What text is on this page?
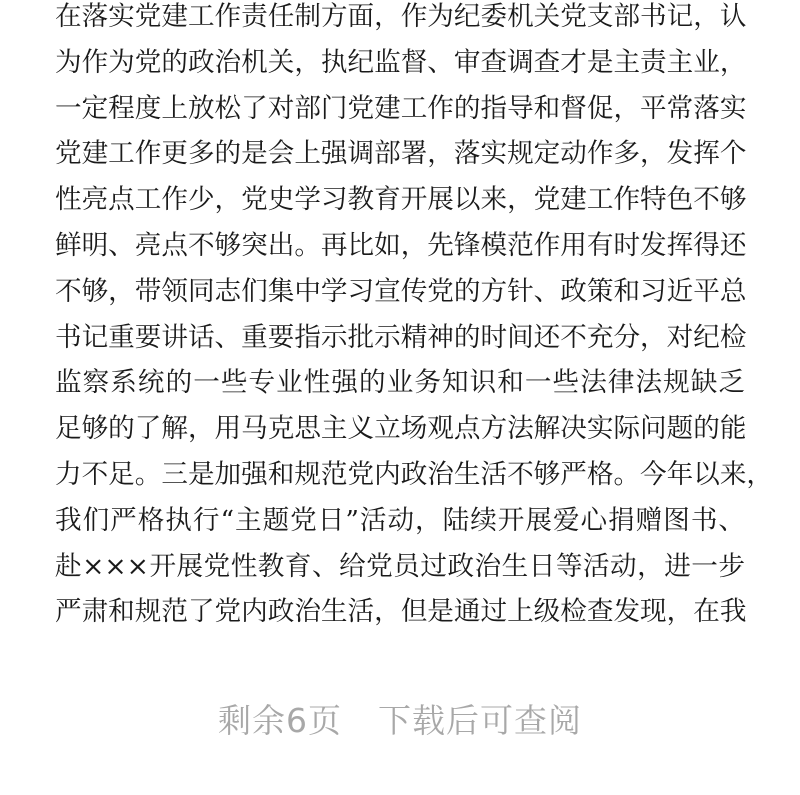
在落实党建工作责任制方面，作为纪委机关党支部书记，认
为作为党的政治机关，执纪监督、审查调查才是主责主业，
一定程度上放松了对部门党建工作的指导和督促，平常落实
党建工作更多的是会上强调部署，落实规定动作多，发挥个
性亮点工作少，党史学习教育开展以来，党建工作特色不够
鲜明、亮点不够突出。再比如，先锋模范作用有时发挥得还
不够，带领同志们集中学习宣传党的方针、政策和习近平总
书记重要讲话、重要指示批示精神的时间还不充分，对纪检
监察系统的一些专业性强的业务知识和一些法律法规缺乏
足够的了解，用马克思主义立场观点方法解决实际问题的能
力不足。三是加强和规范党内政治生活不够严格。今年以来，
我们严格执行“主题党日”活动，陆续开展爱心捐赠图书、
赴×××开展党性教育、给党员过政治生日等活动，进一步
严肃和规范了党内政治生活，但是通过上级检查发现，在我
剩余6页 下载后可查阅
